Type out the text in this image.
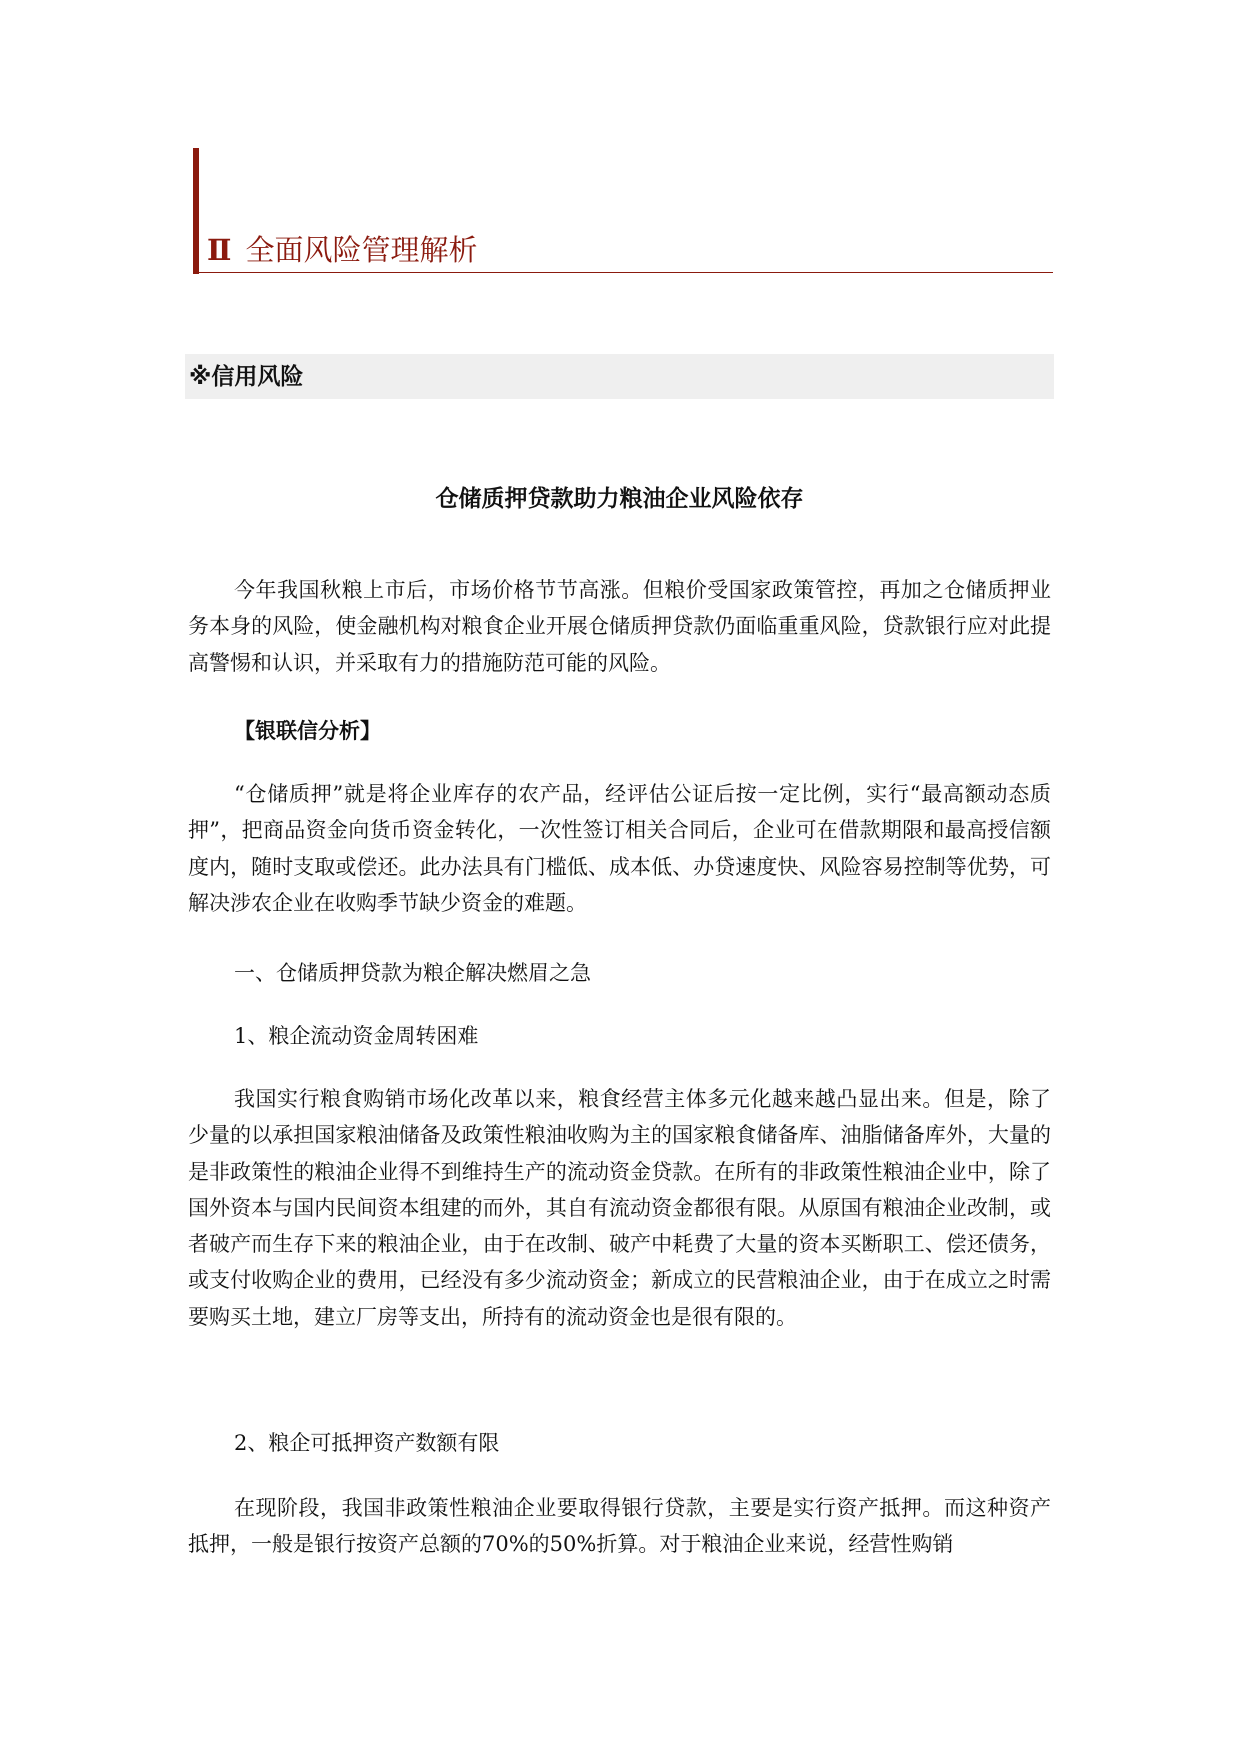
Ⅱ 全面风险管理解析
※信用风险
仓储质押贷款助力粮油企业风险依存

今年我国秋粮上市后，市场价格节节高涨。但粮价受国家政策管控，再加之仓储质押业务本身的风险，使金融机构对粮食企业开展仓储质押贷款仍面临重重风险，贷款银行应对此提高警惕和认识，并采取有力的措施防范可能的风险。

【银联信分析】

“仓储质押”就是将企业库存的农产品，经评估公证后按一定比例，实行“最高额动态质押”，把商品资金向货币资金转化，一次性签订相关合同后，企业可在借款期限和最高授信额度内，随时支取或偿还。此办法具有门槛低、成本低、办贷速度快、风险容易控制等优势，可解决涉农企业在收购季节缺少资金的难题。

一、仓储质押贷款为粮企解决燃眉之急

1、粮企流动资金周转困难

我国实行粮食购销市场化改革以来，粮食经营主体多元化越来越凸显出来。但是，除了少量的以承担国家粮油储备及政策性粮油收购为主的国家粮食储备库、油脂储备库外，大量的是非政策性的粮油企业得不到维持生产的流动资金贷款。在所有的非政策性粮油企业中，除了国外资本与国内民间资本组建的而外，其自有流动资金都很有限。从原国有粮油企业改制，或者破产而生存下来的粮油企业，由于在改制、破产中耗费了大量的资本买断职工、偿还债务，或支付收购企业的费用，已经没有多少流动资金；新成立的民营粮油企业，由于在成立之时需要购买土地，建立厂房等支出，所持有的流动资金也是很有限的。

2、粮企可抵押资产数额有限

在现阶段，我国非政策性粮油企业要取得银行贷款，主要是实行资产抵押。而这种资产抵押，一般是银行按资产总额的70%的50%折算。对于粮油企业来说，经营性购销
